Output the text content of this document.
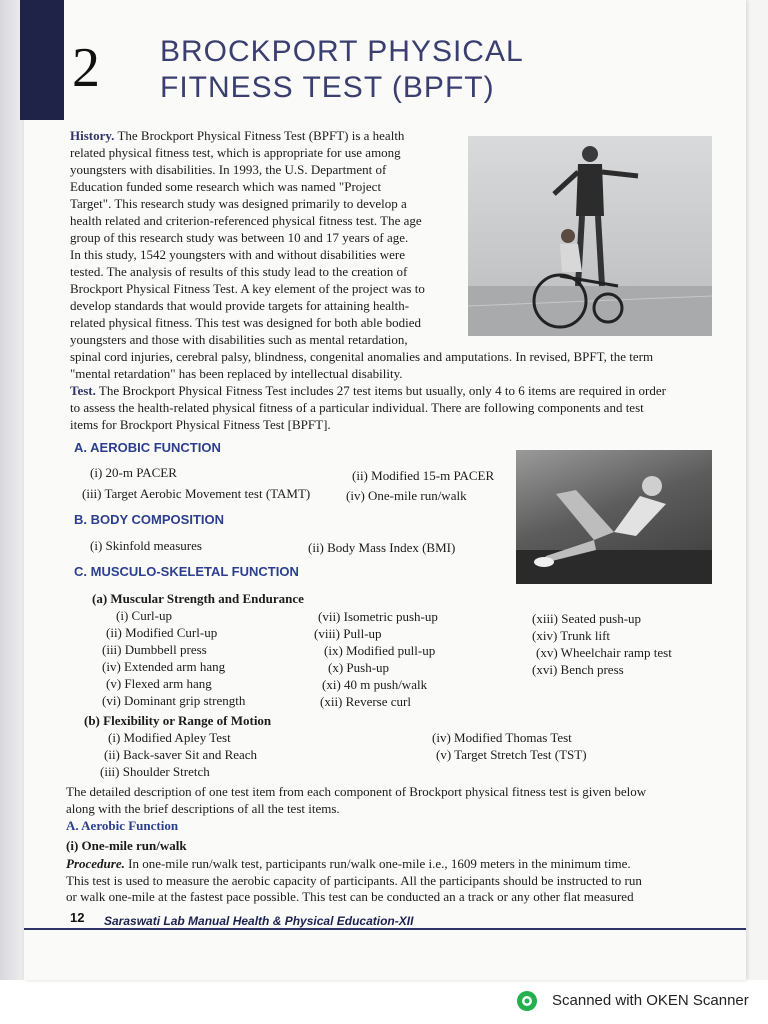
2 BROCKPORT PHYSICAL
FITNESS TEST (BPFT)
History. The Brockport Physical Fitness Test (BPFT) is a health
related physical fitness test, which is appropriate for use among
youngsters with disabilities. In 1993, the U.S. Department of
Education funded some research which was named "Project
Target". This research study was designed primarily to develop a
health related and criterion-referenced physical fitness test. The age
group of this research study was between 10 and 17 years of age.
In this study, 1542 youngsters with and without disabilities were
tested. The analysis of results of this study lead to the creation of
Brockport Physical Fitness Test. A key element of the project was to
develop standards that would provide targets for attaining health-
related physical fitness. This test was designed for both able bodied
youngsters and those with disabilities such as mental retardation,
spinal cord injuries, cerebral palsy, blindness, congenital anomalies and amputations. In revised, BPFT, the term
"mental retardation" has been replaced by intellectual disability.
Test. The Brockport Physical Fitness Test includes 27 test items but usually, only 4 to 6 items are required in order
to assess the health-related physical fitness of a particular individual. There are following components and test
items for Brockport Physical Fitness Test [BPFT].
A. AEROBIC FUNCTION
(i) 20-m PACER	(ii) Modified 15-m PACER
(iii) Target Aerobic Movement test (TAMT)	(iv) One-mile run/walk
B. BODY COMPOSITION
(i) Skinfold measures	(ii) Body Mass Index (BMI)
C. MUSCULO-SKELETAL FUNCTION
(a) Muscular Strength and Endurance
(i) Curl-up
(ii) Modified Curl-up
(iii) Dumbbell press
(iv) Extended arm hang
(v) Flexed arm hang
(vi) Dominant grip strength
(vii) Isometric push-up
(viii) Pull-up
(ix) Modified pull-up
(x) Push-up
(xi) 40 m push/walk
(xii) Reverse curl
(xiii) Seated push-up
(xiv) Trunk lift
(xv) Wheelchair ramp test
(xvi) Bench press
(b) Flexibility or Range of Motion
(i) Modified Apley Test
(ii) Back-saver Sit and Reach
(iii) Shoulder Stretch
(iv) Modified Thomas Test
(v) Target Stretch Test (TST)
The detailed description of one test item from each component of Brockport physical fitness test is given below
along with the brief descriptions of all the test items.
A. Aerobic Function
(i) One-mile run/walk
Procedure. In one-mile run/walk test, participants run/walk one-mile i.e., 1609 meters in the minimum time.
This test is used to measure the aerobic capacity of participants. All the participants should be instructed to run
or walk one-mile at the fastest pace possible. This test can be conducted an a track or any other flat measured
12 Saraswati Lab Manual Health & Physical Education-XII
Scanned with OKEN Scanner
